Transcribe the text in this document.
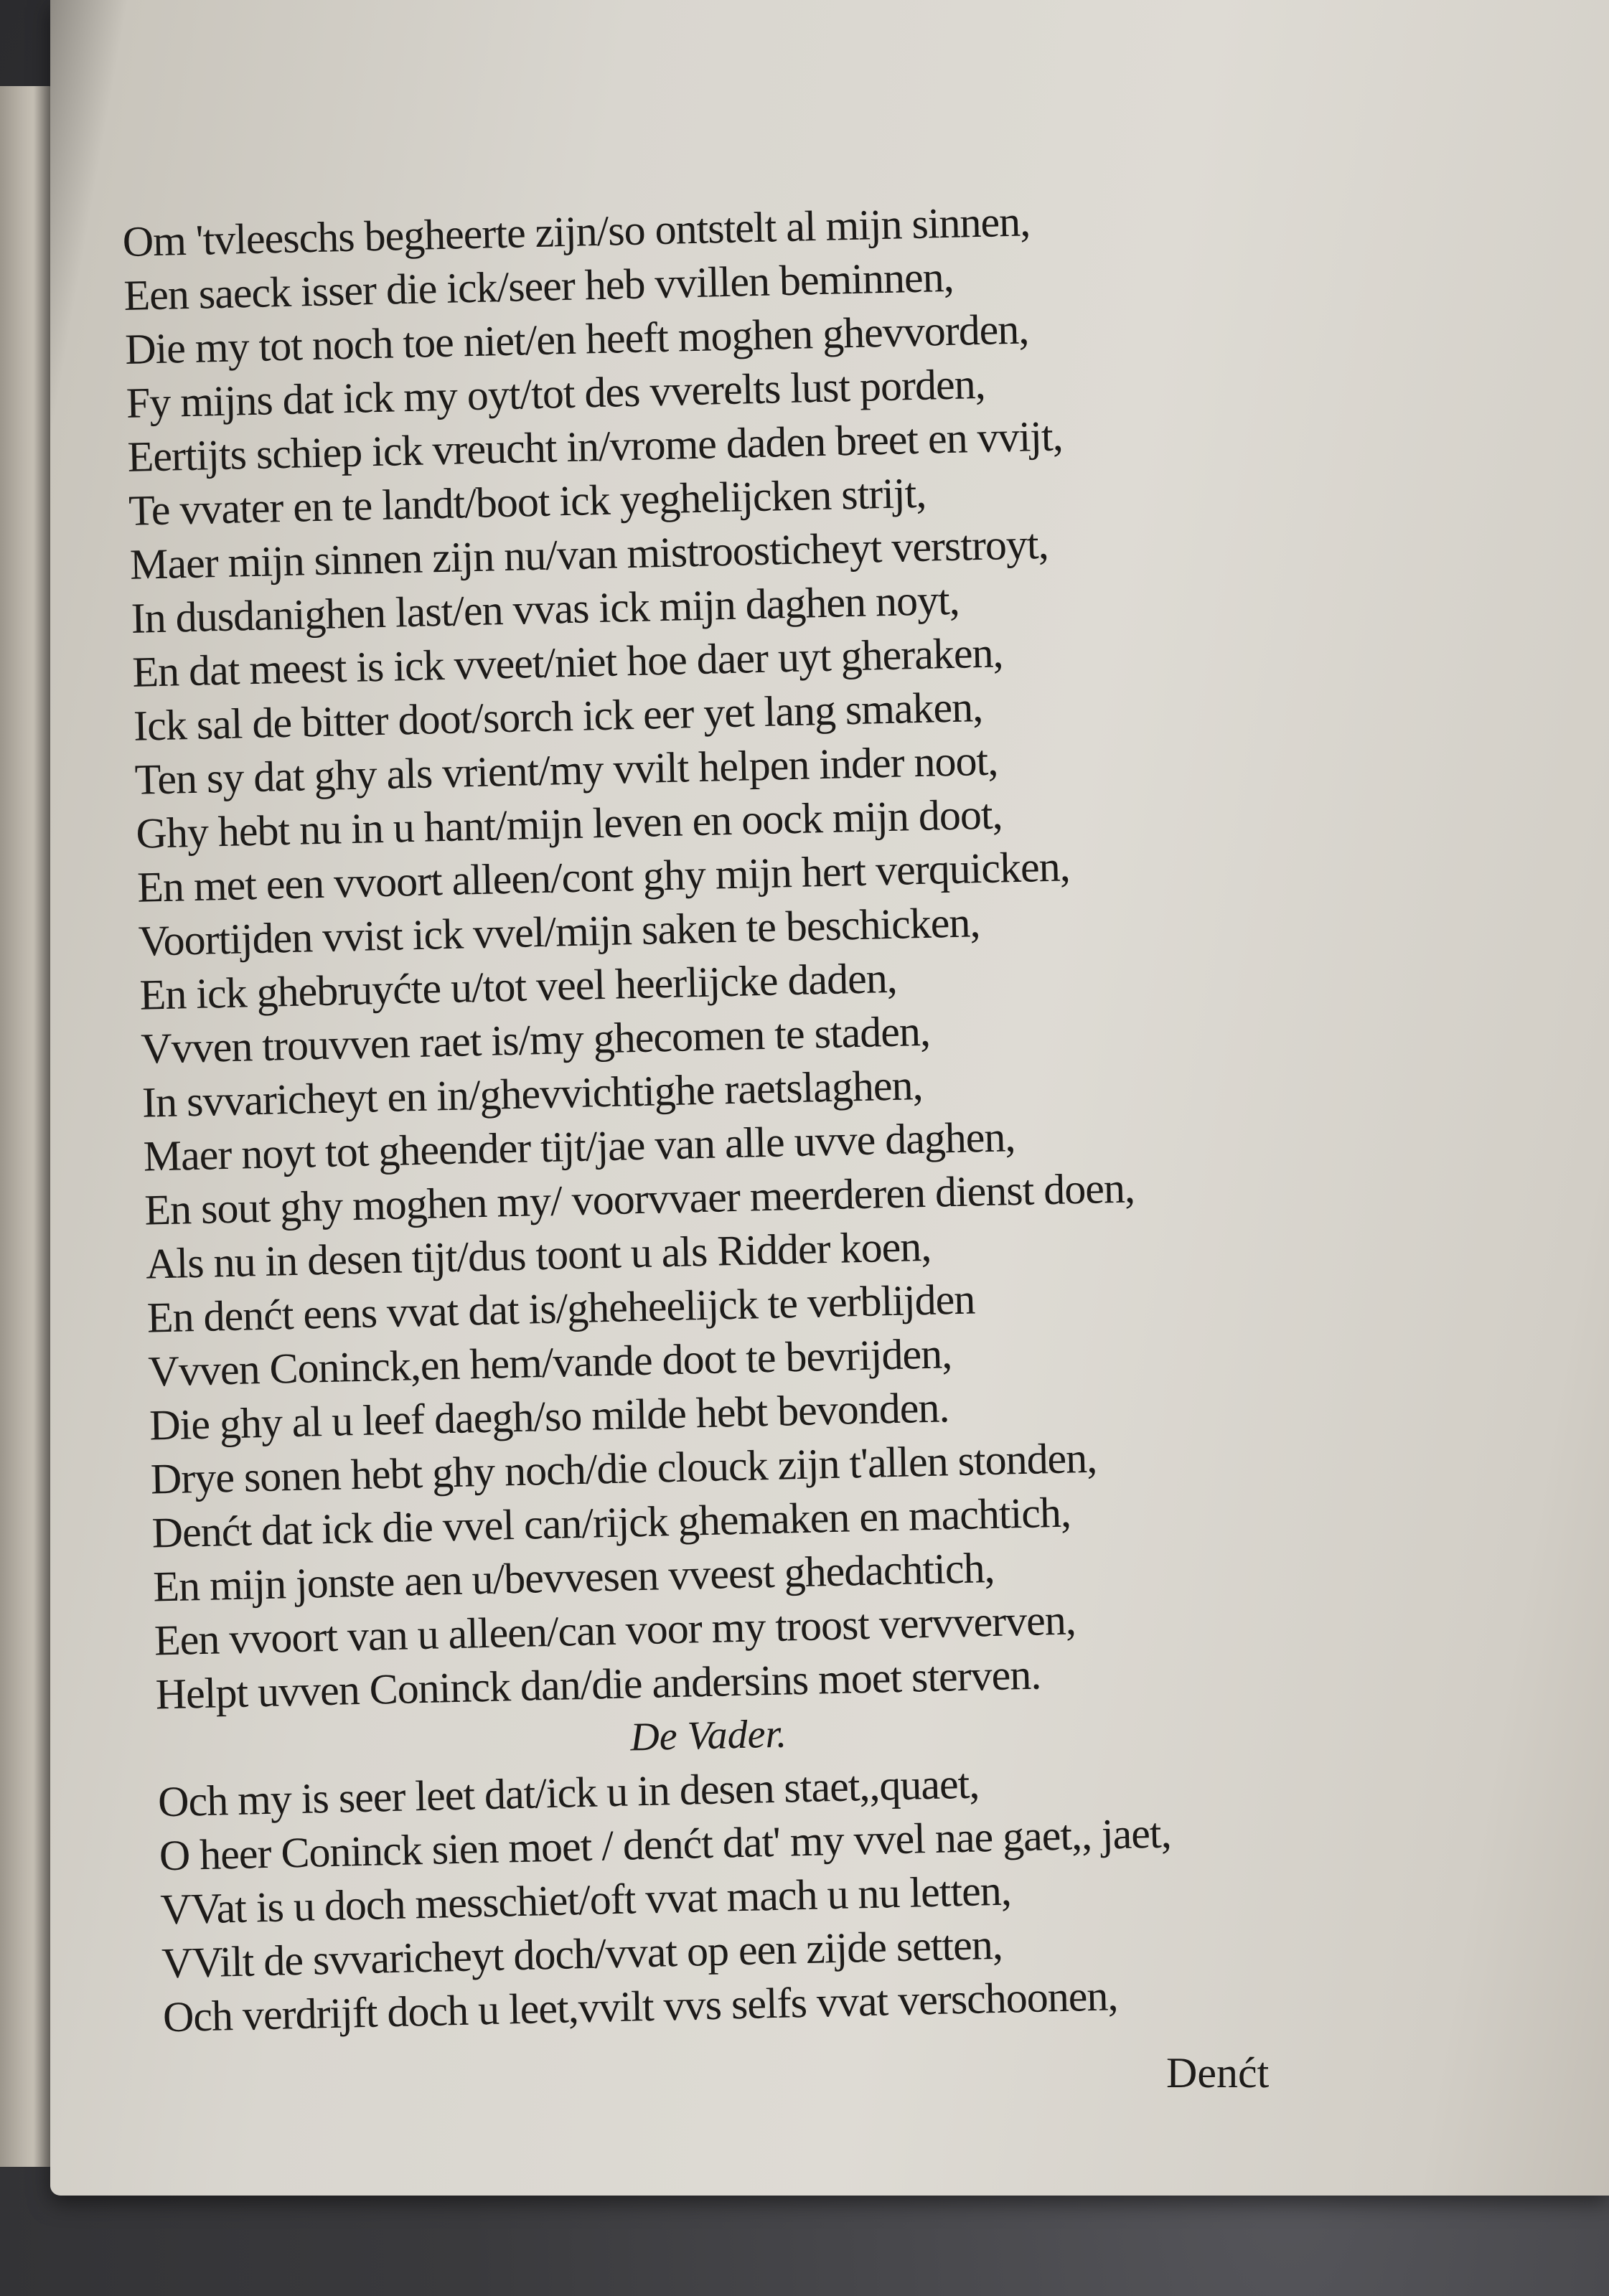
Om 'tvleeschs begheerte zijn/so ontstelt al mijn sinnen,
Een saeck isser die ick/seer heb vvillen beminnen,
Die my tot noch toe niet/en heeft moghen ghevvorden,
Fy mijns dat ick my oyt/tot des vverelts lust porden,
Eertijts schiep ick vreucht in/vrome daden breet en vvijt,
Te vvater en te landt/boot ick yeghelijcken strijt,
Maer mijn sinnen zijn nu/van mistroosticheyt verstroyt,
In dusdanighen last/en vvas ick mijn daghen noyt,
En dat meest is ick vveet/niet hoe daer uyt gheraken,
Ick sal de bitter doot/sorch ick eer yet lang smaken,
Ten sy dat ghy als vrient/my vvilt helpen inder noot,
Ghy hebt nu in u hant/mijn leven en oock mijn doot,
En met een vvoort alleen/cont ghy mijn hert verquicken,
Voortijden vvist ick vvel/mijn saken te beschicken,
En ick ghebruyćte u/tot veel heerlijcke daden,
Vvven trouvven raet is/my ghecomen te staden,
In svvaricheyt en in/ghevvichtighe raetslaghen,
Maer noyt tot gheender tijt/jae van alle uvve daghen,
En sout ghy moghen my/ voorvvaer meerderen dienst doen,
Als nu in desen tijt/dus toont u als Ridder koen,
En denćt eens vvat dat is/gheheelijck te verblijden
Vvven Coninck,en hem/vande doot te bevrijden,
Die ghy al u leef daegh/so milde hebt bevonden.
Drye sonen hebt ghy noch/die clouck zijn t'allen stonden,
Denćt dat ick die vvel can/rijck ghemaken en machtich,
En mijn jonste aen u/bevvesen vveest ghedachtich,
Een vvoort van u alleen/can voor my troost vervverven,
Helpt uvven Coninck dan/die andersins moet sterven.
De Vader.
Och my is seer leet dat/ick u in desen staet,,quaet,
O heer Coninck sien moet / denćt dat' my vvel nae gaet,, jaet,
VVat is u doch messchiet/oft vvat mach u nu letten,
VVilt de svvaricheyt doch/vvat op een zijde setten,
Och verdrijft doch u leet,vvilt vvs selfs vvat verschoonen,
Denćt
